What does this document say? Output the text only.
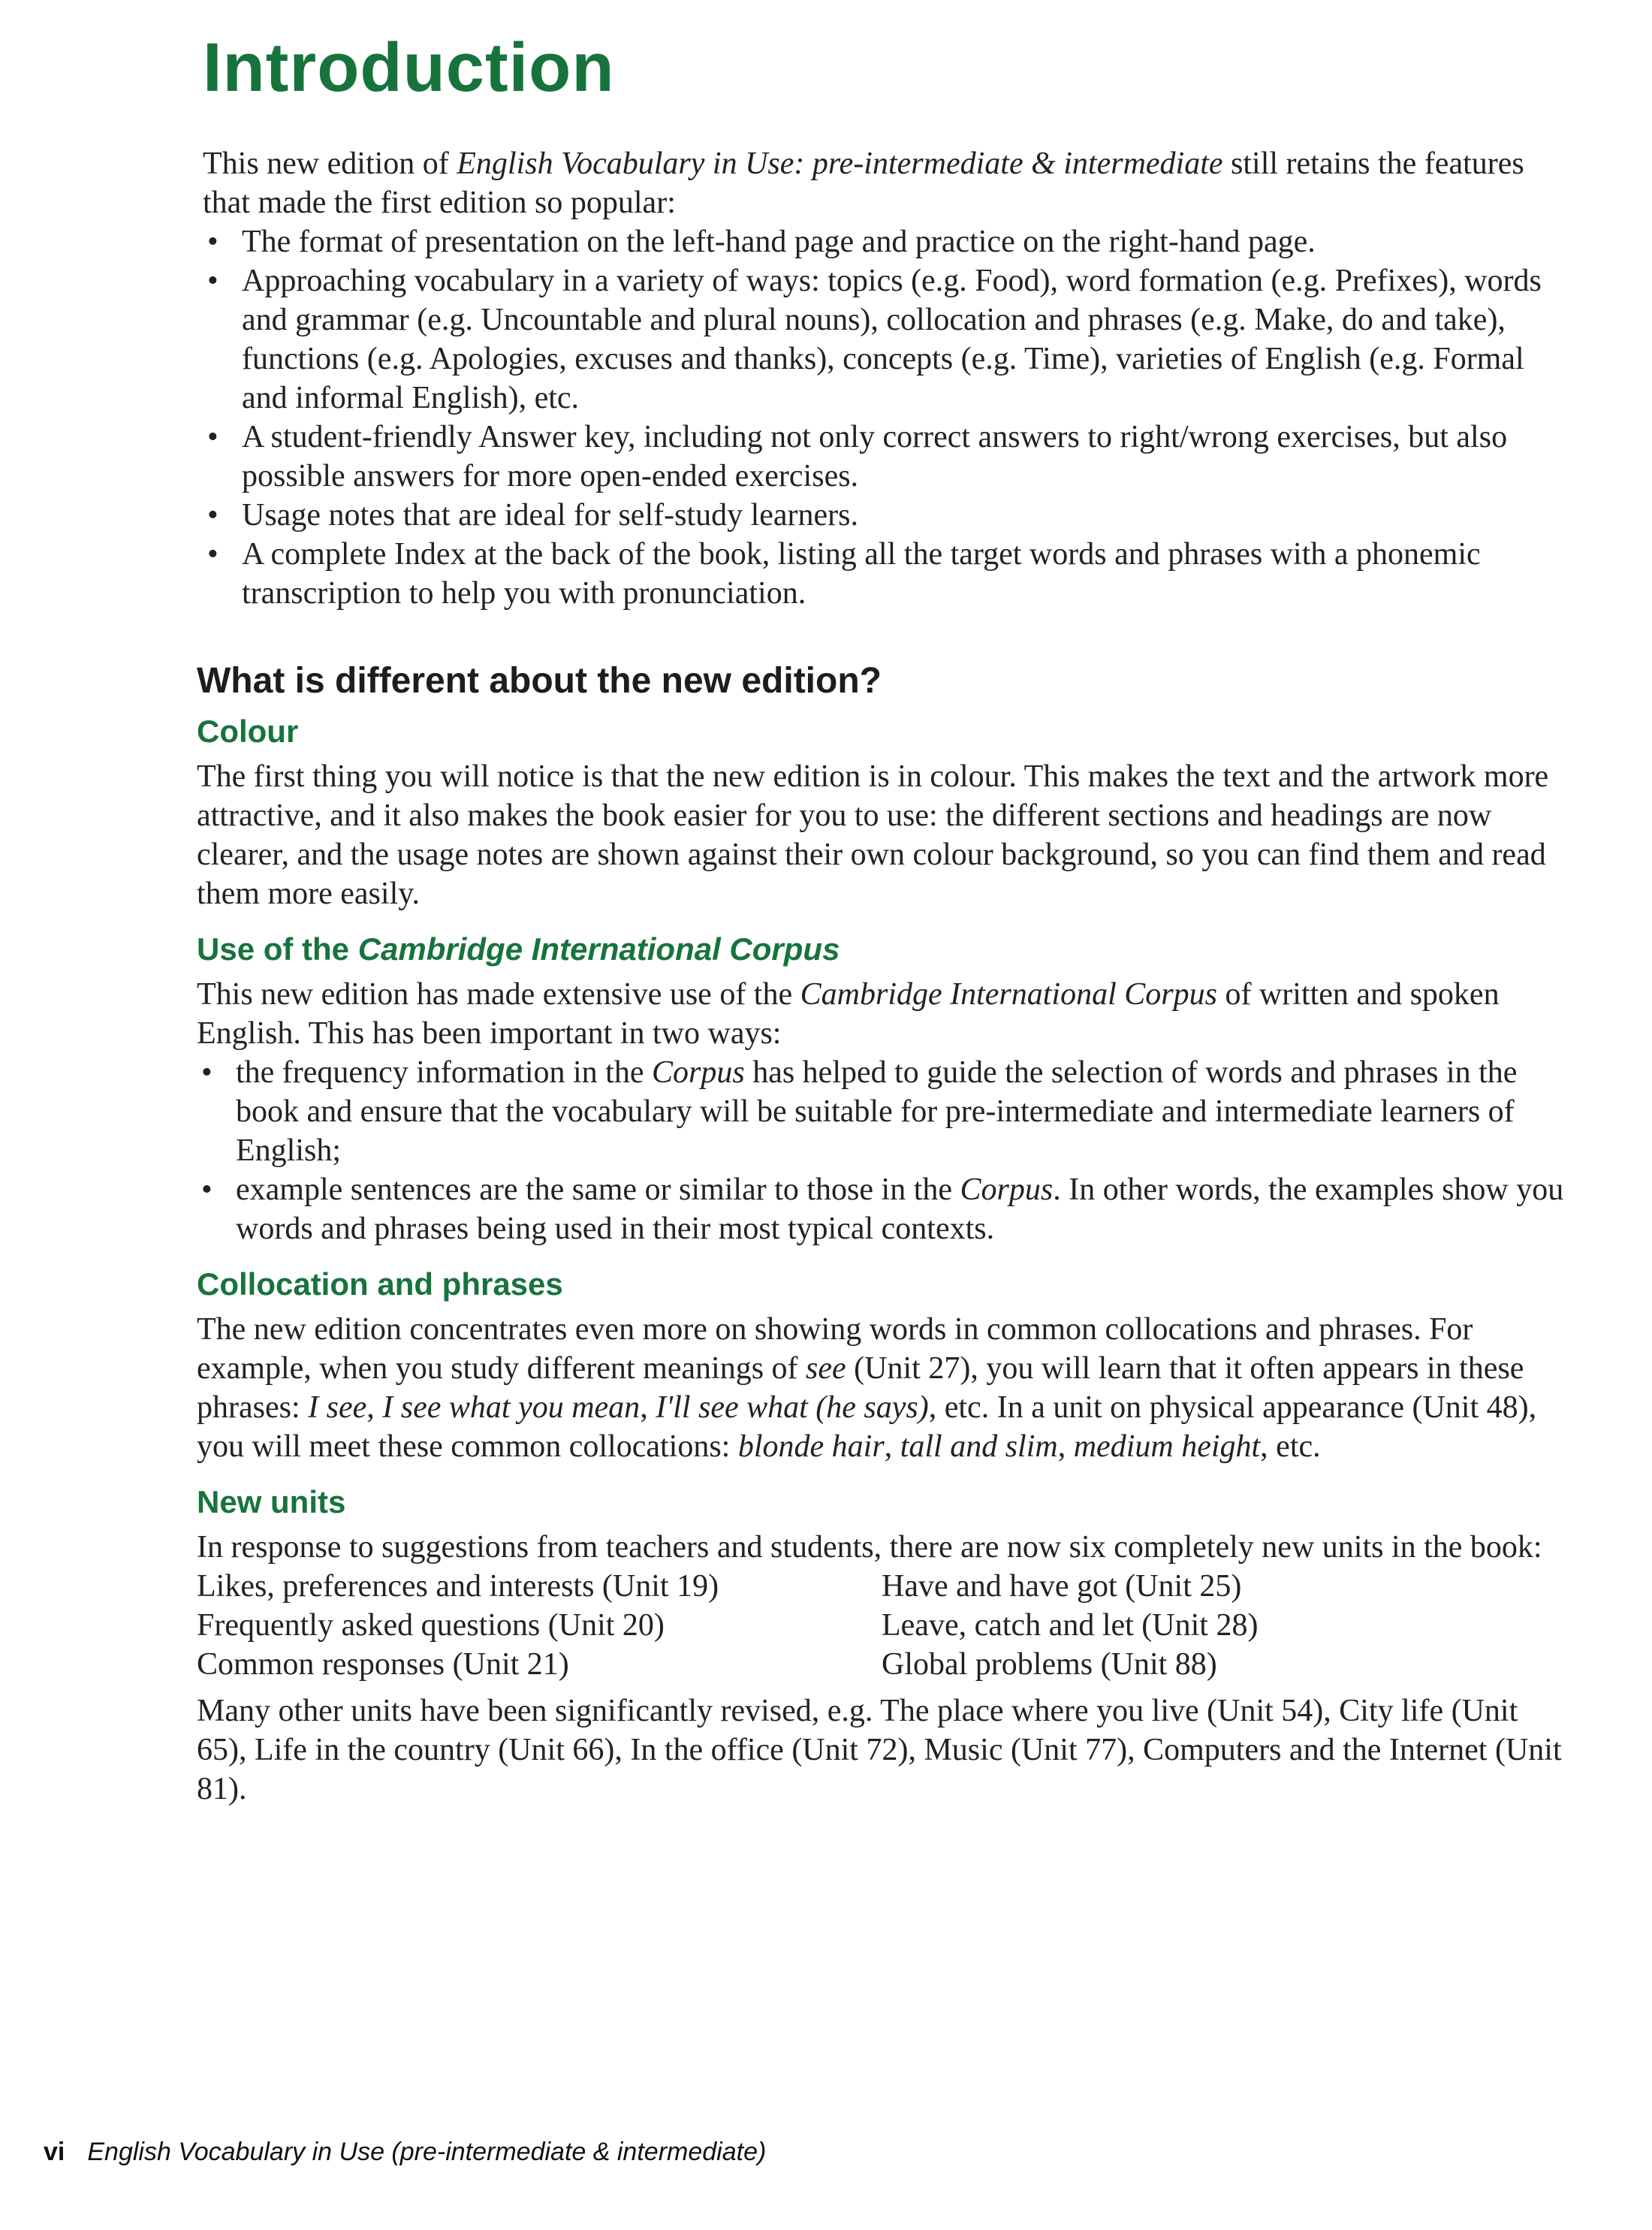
Introduction

This new edition of English Vocabulary in Use: pre-intermediate & intermediate still retains the features that made the first edition so popular:

• The format of presentation on the left-hand page and practice on the right-hand page.
• Approaching vocabulary in a variety of ways: topics (e.g. Food), word formation (e.g. Prefixes), words and grammar (e.g. Uncountable and plural nouns), collocation and phrases (e.g. Make, do and take), functions (e.g. Apologies, excuses and thanks), concepts (e.g. Time), varieties of English (e.g. Formal and informal English), etc.
• A student-friendly Answer key, including not only correct answers to right/wrong exercises, but also possible answers for more open-ended exercises.
• Usage notes that are ideal for self-study learners.
• A complete Index at the back of the book, listing all the target words and phrases with a phonemic transcription to help you with pronunciation.
What is different about the new edition?
Colour

The first thing you will notice is that the new edition is in colour. This makes the text and the artwork more attractive, and it also makes the book easier for you to use: the different sections and headings are now clearer, and the usage notes are shown against their own colour background, so you can find them and read them more easily.

Use of the Cambridge International Corpus

This new edition has made extensive use of the Cambridge International Corpus of written and spoken English. This has been important in two ways:

• the frequency information in the Corpus has helped to guide the selection of words and phrases in the book and ensure that the vocabulary will be suitable for pre-intermediate and intermediate learners of English;
• example sentences are the same or similar to those in the Corpus. In other words, the examples show you words and phrases being used in their most typical contexts.
Collocation and phrases

The new edition concentrates even more on showing words in common collocations and phrases. For example, when you study different meanings of see (Unit 27), you will learn that it often appears in these phrases: I see, I see what you mean, I'll see what (he says), etc. In a unit on physical appearance (Unit 48), you will meet these common collocations: blonde hair, tall and slim, medium height, etc.

New units

In response to suggestions from teachers and students, there are now six completely new units in the book:

Likes, preferences and interests (Unit 19)	Have and have got (Unit 25)
Frequently asked questions (Unit 20)	Leave, catch and let (Unit 28)
Common responses (Unit 21)	Global problems (Unit 88)

Many other units have been significantly revised, e.g. The place where you live (Unit 54), City life (Unit 65), Life in the country (Unit 66), In the office (Unit 72), Music (Unit 77), Computers and the Internet (Unit 81).

vi English Vocabulary in Use (pre-intermediate & intermediate)
